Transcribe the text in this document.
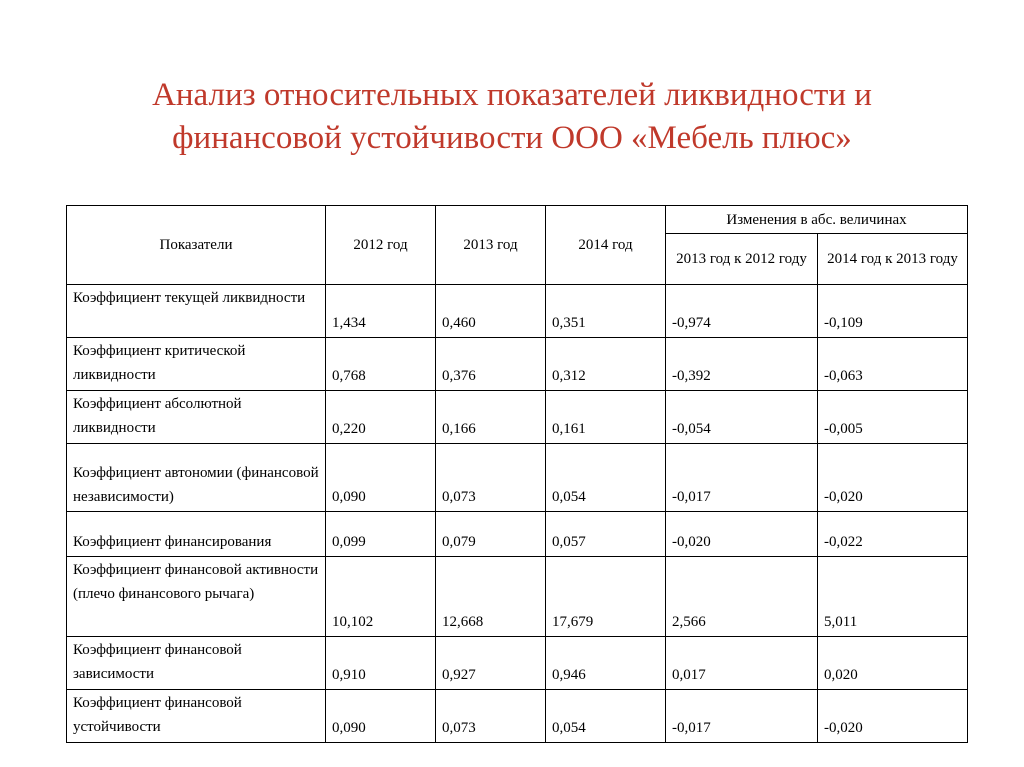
Анализ относительных показателей ликвидности и
финансовой устойчивости ООО «Мебель плюс»
Показатели	2012 год	2013 год	2014 год	Изменения в абс. величинах	
				2013 год к 2012 году	2014 год к 2013 году
Коэффициент текущей ликвидности	1,434	0,460	0,351	-0,974	-0,109
Коэффициент критической ликвидности	0,768	0,376	0,312	-0,392	-0,063
Коэффициент абсолютной ликвидности	0,220	0,166	0,161	-0,054	-0,005
Коэффициент автономии (финансовой независимости)	0,090	0,073	0,054	-0,017	-0,020
Коэффициент финансирования	0,099	0,079	0,057	-0,020	-0,022
Коэффициент финансовой активности (плечо финансового рычага)	10,102	12,668	17,679	2,566	5,011
Коэффициент финансовой зависимости	0,910	0,927	0,946	0,017	0,020
Коэффициент финансовой устойчивости	0,090	0,073	0,054	-0,017	-0,020
